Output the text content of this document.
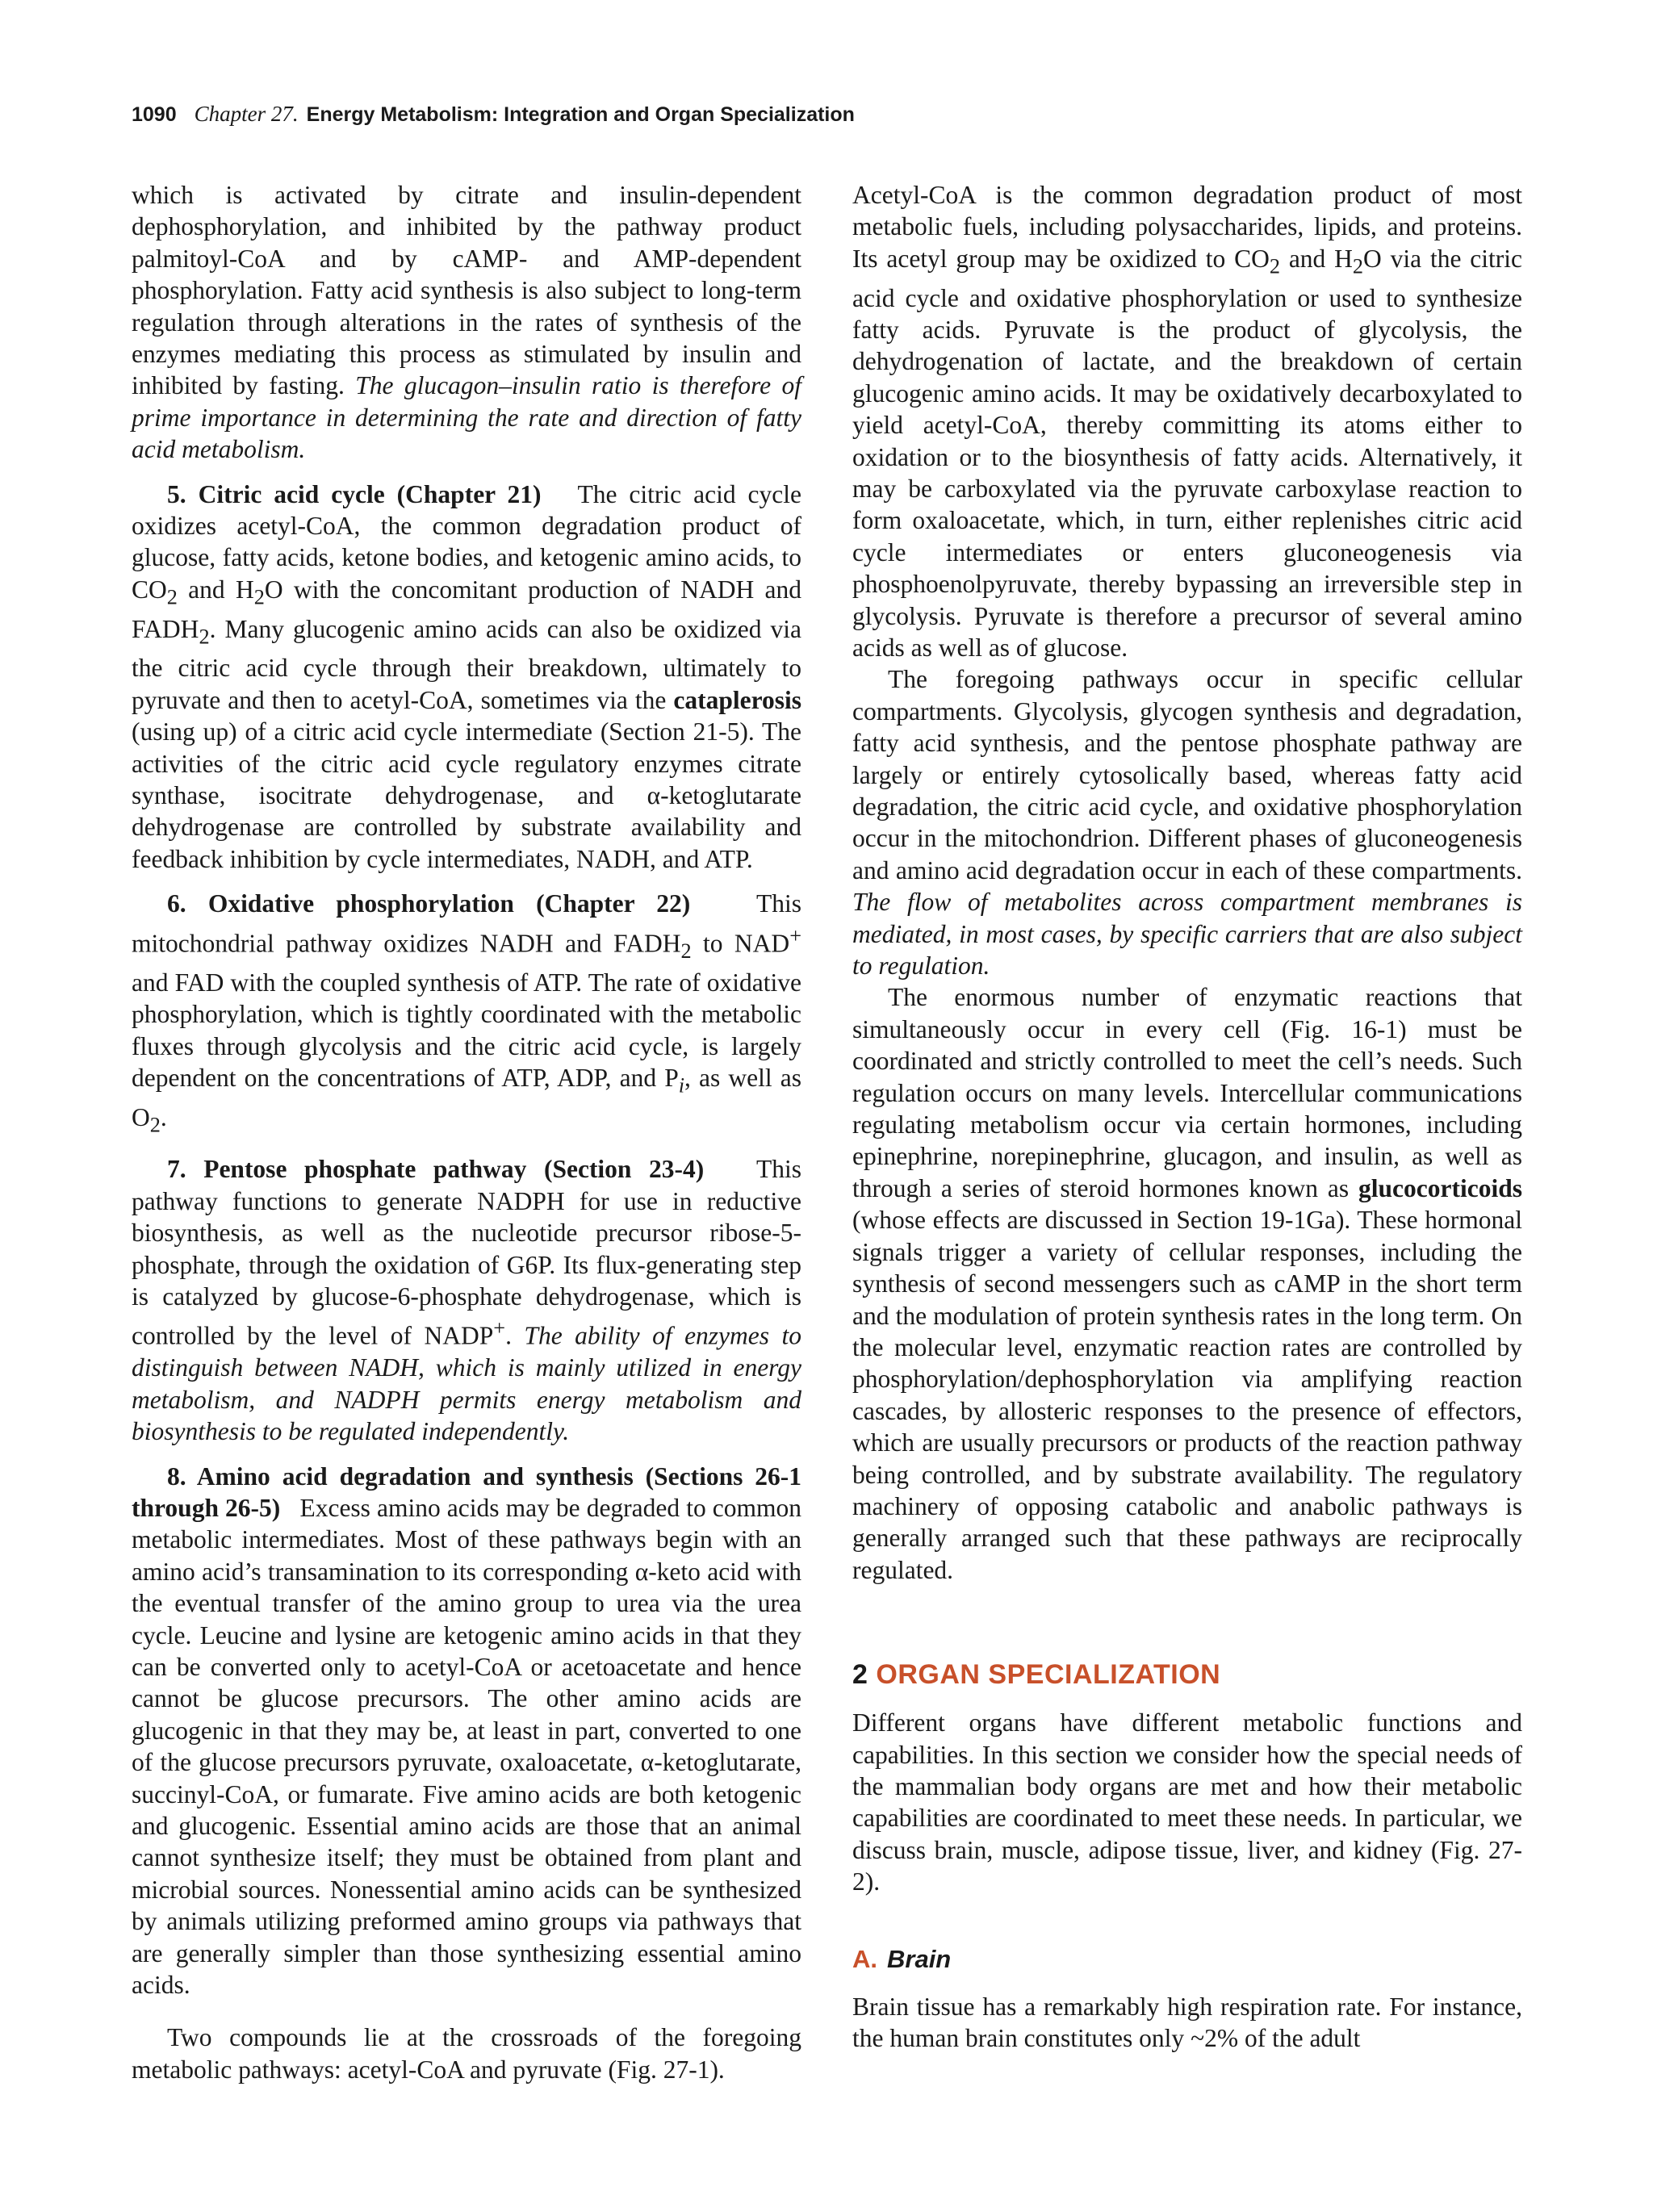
1090 Chapter 27. Energy Metabolism: Integration and Organ Specialization

which is activated by citrate and insulin-dependent dephosphorylation, and inhibited by the pathway product palmitoyl-CoA and by cAMP- and AMP-dependent phosphorylation. Fatty acid synthesis is also subject to long-term regulation through alterations in the rates of synthesis of the enzymes mediating this process as stimulated by insulin and inhibited by fasting. The glucagon–insulin ratio is therefore of prime importance in determining the rate and direction of fatty acid metabolism.

5. Citric acid cycle (Chapter 21) The citric acid cycle oxidizes acetyl-CoA, the common degradation product of glucose, fatty acids, ketone bodies, and ketogenic amino acids, to $CO_2$ and $H_2O$ with the concomitant production of NADH and $FADH_2$. Many glucogenic amino acids can also be oxidized via the citric acid cycle through their breakdown, ultimately to pyruvate and then to acetyl-CoA, sometimes via the cataplerosis (using up) of a citric acid cycle intermediate (Section 21-5). The activities of the citric acid cycle regulatory enzymes citrate synthase, isocitrate dehydrogenase, and α-ketoglutarate dehydrogenase are controlled by substrate availability and feedback inhibition by cycle intermediates, NADH, and ATP.

6. Oxidative phosphorylation (Chapter 22)	This mitochondrial pathway oxidizes NADH and $FADH_2$ to NAD+ and FAD with the coupled synthesis of ATP. The rate of oxidative phosphorylation, which is tightly coordinated with the metabolic fluxes through glycolysis and the citric acid cycle, is largely dependent on the concentrations of ATP, ADP, and $P_i$, as well as $O_2$.

7. Pentose phosphate pathway (Section 23-4) This pathway functions to generate NADPH for use in reductive biosynthesis, as well as the nucleotide precursor ribose-5-phosphate, through the oxidation of G6P. Its flux-generating step is catalyzed by glucose-6-phosphate dehydrogenase, which is controlled by the level of NADP+. The ability of enzymes to distinguish between NADH, which is mainly utilized in energy metabolism, and NADPH permits energy metabolism and biosynthesis to be regulated independently.

8. Amino acid degradation and synthesis (Sections 26-1 through 26-5) Excess amino acids may be degraded to common metabolic intermediates. Most of these pathways begin with an amino acid’s transamination to its corresponding α-keto acid with the eventual transfer of the amino group to urea via the urea cycle. Leucine and lysine are ketogenic amino acids in that they can be converted only to acetyl-CoA or acetoacetate and hence cannot be glucose precursors. The other amino acids are glucogenic in that they may be, at least in part, converted to one of the glucose precursors pyruvate, oxaloacetate, α-ketoglutarate, succinyl-CoA, or fumarate. Five amino acids are both ketogenic and glucogenic. Essential amino acids are those that an animal cannot synthesize itself; they must be obtained from plant and microbial sources. Nonessential amino acids can be synthesized by animals utilizing preformed amino groups via pathways that are generally simpler than those synthesizing essential amino acids.

Two compounds lie at the crossroads of the foregoing metabolic pathways: acetyl-CoA and pyruvate (Fig. 27-1).

Acetyl-CoA is the common degradation product of most metabolic fuels, including polysaccharides, lipids, and proteins. Its acetyl group may be oxidized to $CO_2$ and $H_2O$ via the citric acid cycle and oxidative phosphorylation or used to synthesize fatty acids. Pyruvate is the product of glycolysis, the dehydrogenation of lactate, and the breakdown of certain glucogenic amino acids. It may be oxidatively decarboxylated to yield acetyl-CoA, thereby committing its atoms either to oxidation or to the biosynthesis of fatty acids. Alternatively, it may be carboxylated via the pyruvate carboxylase reaction to form oxaloacetate, which, in turn, either replenishes citric acid cycle intermediates or enters gluconeogenesis via phosphoenolpyruvate, thereby bypassing an irreversible step in glycolysis. Pyruvate is therefore a precursor of several amino acids as well as of glucose.

The foregoing pathways occur in specific cellular compartments. Glycolysis, glycogen synthesis and degradation, fatty acid synthesis, and the pentose phosphate pathway are largely or entirely cytosolically based, whereas fatty acid degradation, the citric acid cycle, and oxidative phosphorylation occur in the mitochondrion. Different phases of gluconeogenesis and amino acid degradation occur in each of these compartments. The flow of metabolites across compartment membranes is mediated, in most cases, by specific carriers that are also subject to regulation.

The enormous number of enzymatic reactions that simultaneously occur in every cell (Fig. 16-1) must be coordinated and strictly controlled to meet the cell’s needs. Such regulation occurs on many levels. Intercellular communications regulating metabolism occur via certain hormones, including epinephrine, norepinephrine, glucagon, and insulin, as well as through a series of steroid hormones known as glucocorticoids (whose effects are discussed in Section 19-1Ga). These hormonal signals trigger a variety of cellular responses, including the synthesis of second messengers such as cAMP in the short term and the modulation of protein synthesis rates in the long term. On the molecular level, enzymatic reaction rates are controlled by phosphorylation/dephosphorylation via amplifying reaction cascades, by allosteric responses to the presence of effectors, which are usually precursors or products of the reaction pathway being controlled, and by substrate availability. The regulatory machinery of opposing catabolic and anabolic pathways is generally arranged such that these pathways are reciprocally regulated.

2 ORGAN SPECIALIZATION

Different organs have different metabolic functions and capabilities. In this section we consider how the special needs of the mammalian body organs are met and how their metabolic capabilities are coordinated to meet these needs. In particular, we discuss brain, muscle, adipose tissue, liver, and kidney (Fig. 27-2).

A. Brain

Brain tissue has a remarkably high respiration rate. For instance, the human brain constitutes only ~2% of the adult
